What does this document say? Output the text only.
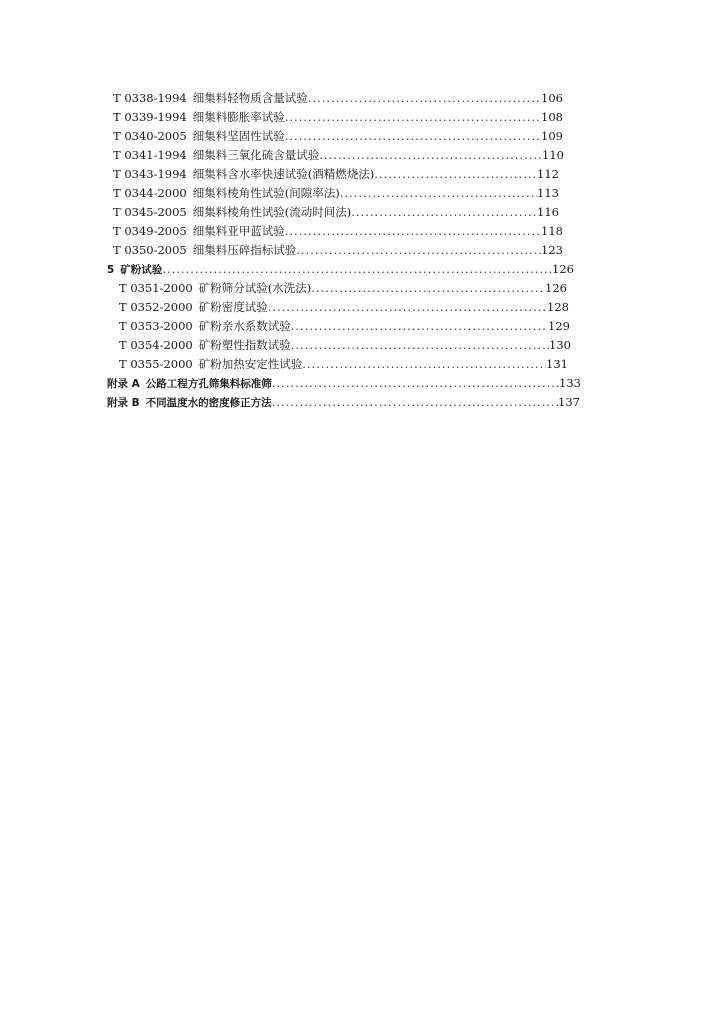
T 0338-1994 细集料轻物质含量试验 .....	106
T 0339-1994 细集料膨胀率试验 .....	108
T 0340-2005 细集料坚固性试验 .....	109
T 0341-1994 细集料三氧化硫含量试验 .....	110
T 0343-1994 细集料含水率快速试验(酒精燃烧法) .....	112
T 0344-2000 细集料棱角性试验(间隙率法) .....	113
T 0345-2005 细集料棱角性试验(流动时间法) .....	116
T 0349-2005 细集料亚甲蓝试验 .....	118
T 0350-2005 细集料压碎指标试验 .....	123
5 矿粉试验 .....	126
T 0351-2000 矿粉筛分试验(水洗法) .....	126
T 0352-2000 矿粉密度试验 .....	128
T 0353-2000 矿粉亲水系数试验 .....	129
T 0354-2000 矿粉塑性指数试验 .....	130
T 0355-2000 矿粉加热安定性试验 .....	131
附录 A 公路工程方孔筛集料标准筛 .....	133
附录 B 不同温度水的密度修正方法 .....	137
